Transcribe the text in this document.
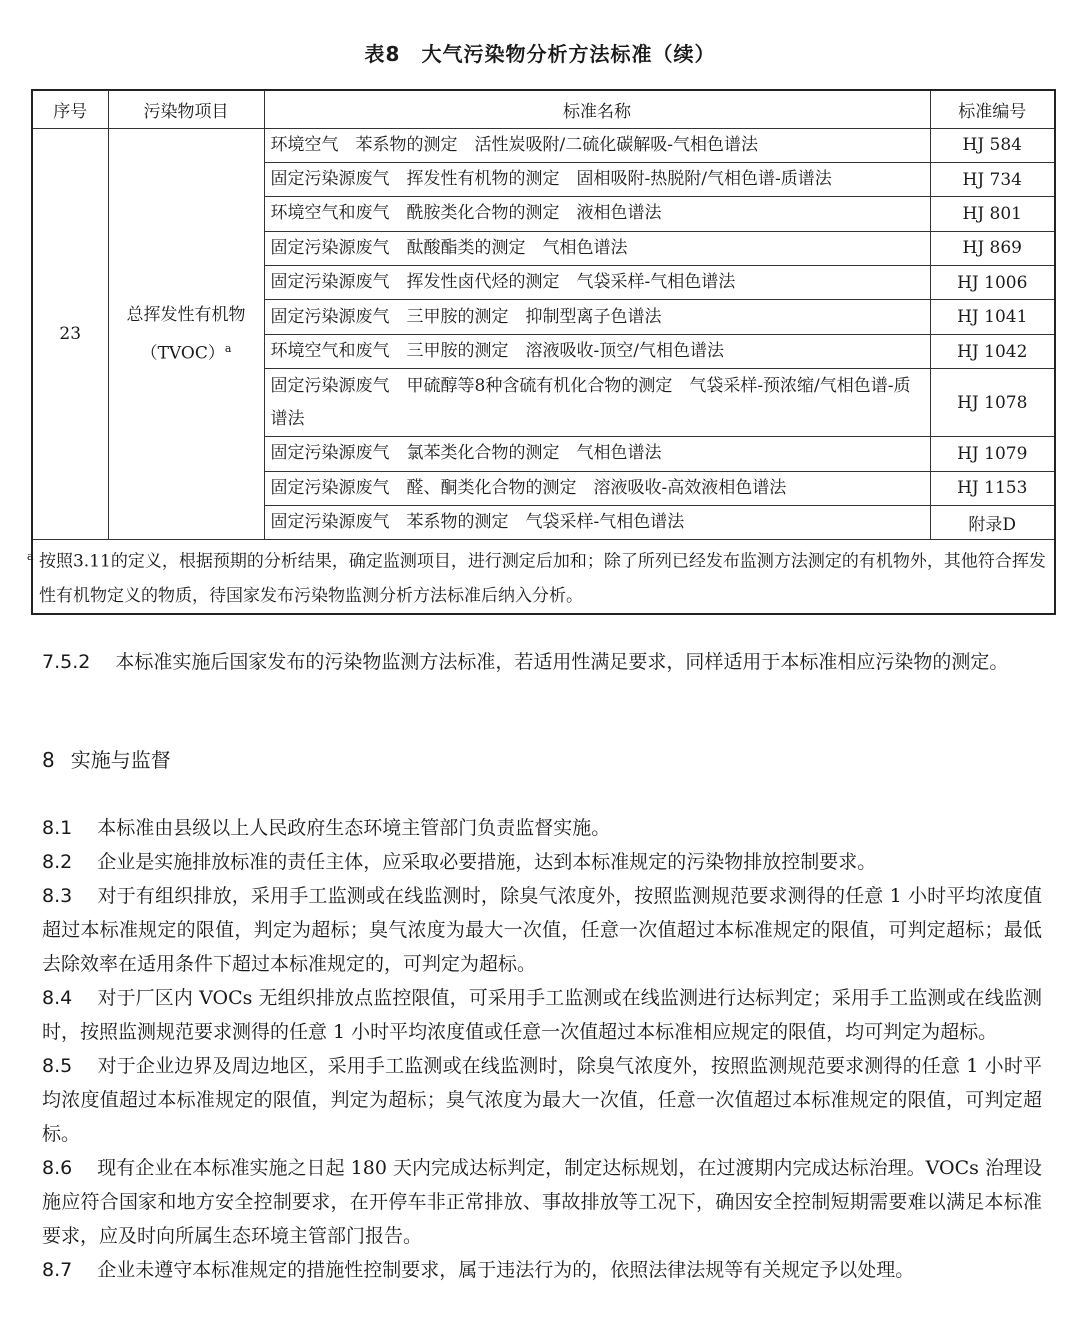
表8　大气污染物分析方法标准（续）
序号	污染物项目	标准名称	标准编号
23	总挥发性有机物（TVOC）$^a$	环境空气　苯系物的测定　活性炭吸附/二硫化碳解吸-气相色谱法	HJ 584
		固定污染源废气　挥发性有机物的测定　固相吸附-热脱附/气相色谱-质谱法	HJ 734
		环境空气和废气　酰胺类化合物的测定　液相色谱法	HJ 801
		固定污染源废气　酞酸酯类的测定　气相色谱法	HJ 869
		固定污染源废气　挥发性卤代烃的测定　气袋采样-气相色谱法	HJ 1006
		固定污染源废气　三甲胺的测定　抑制型离子色谱法	HJ 1041
		环境空气和废气　三甲胺的测定　溶液吸收-顶空/气相色谱法	HJ 1042
		固定污染源废气　甲硫醇等8种含硫有机化合物的测定　气袋采样-预浓缩/气相色谱-质谱法	HJ 1078
		固定污染源废气　氯苯类化合物的测定　气相色谱法	HJ 1079
		固定污染源废气　醛、酮类化合物的测定　溶液吸收-高效液相色谱法	HJ 1153
		固定污染源废气　苯系物的测定　气袋采样-气相色谱法	附录D
$^a$ 按照3.11的定义，根据预期的分析结果，确定监测项目，进行测定后加和；除了所列已经发布监测方法测定的有机物外，其他符合挥发性有机物定义的物质，待国家发布污染物监测分析方法标准后纳入分析。			

7.5.2　 本标准实施后国家发布的污染物监测方法标准，若适用性满足要求，同样适用于本标准相应污染物的测定。

8 实施与监督

8.1　 本标准由县级以上人民政府生态环境主管部门负责监督实施。

8.2　 企业是实施排放标准的责任主体，应采取必要措施，达到本标准规定的污染物排放控制要求。

8.3　 对于有组织排放，采用手工监测或在线监测时，除臭气浓度外，按照监测规范要求测得的任意 1 小时平均浓度值超过本标准规定的限值，判定为超标；臭气浓度为最大一次值，任意一次值超过本标准规定的限值，可判定超标；最低去除效率在适用条件下超过本标准规定的，可判定为超标。

8.4　 对于厂区内 VOCs 无组织排放点监控限值，可采用手工监测或在线监测进行达标判定；采用手工监测或在线监测时，按照监测规范要求测得的任意 1 小时平均浓度值或任意一次值超过本标准相应规定的限值，均可判定为超标。

8.5　 对于企业边界及周边地区，采用手工监测或在线监测时，除臭气浓度外，按照监测规范要求测得的任意 1 小时平均浓度值超过本标准规定的限值，判定为超标；臭气浓度为最大一次值，任意一次值超过本标准规定的限值，可判定超标。

8.6　 现有企业在本标准实施之日起 180 天内完成达标判定，制定达标规划，在过渡期内完成达标治理。VOCs 治理设施应符合国家和地方安全控制要求，在开停车非正常排放、事故排放等工况下，确因安全控制短期需要难以满足本标准要求，应及时向所属生态环境主管部门报告。

8.7　 企业未遵守本标准规定的措施性控制要求，属于违法行为的，依照法律法规等有关规定予以处理。
